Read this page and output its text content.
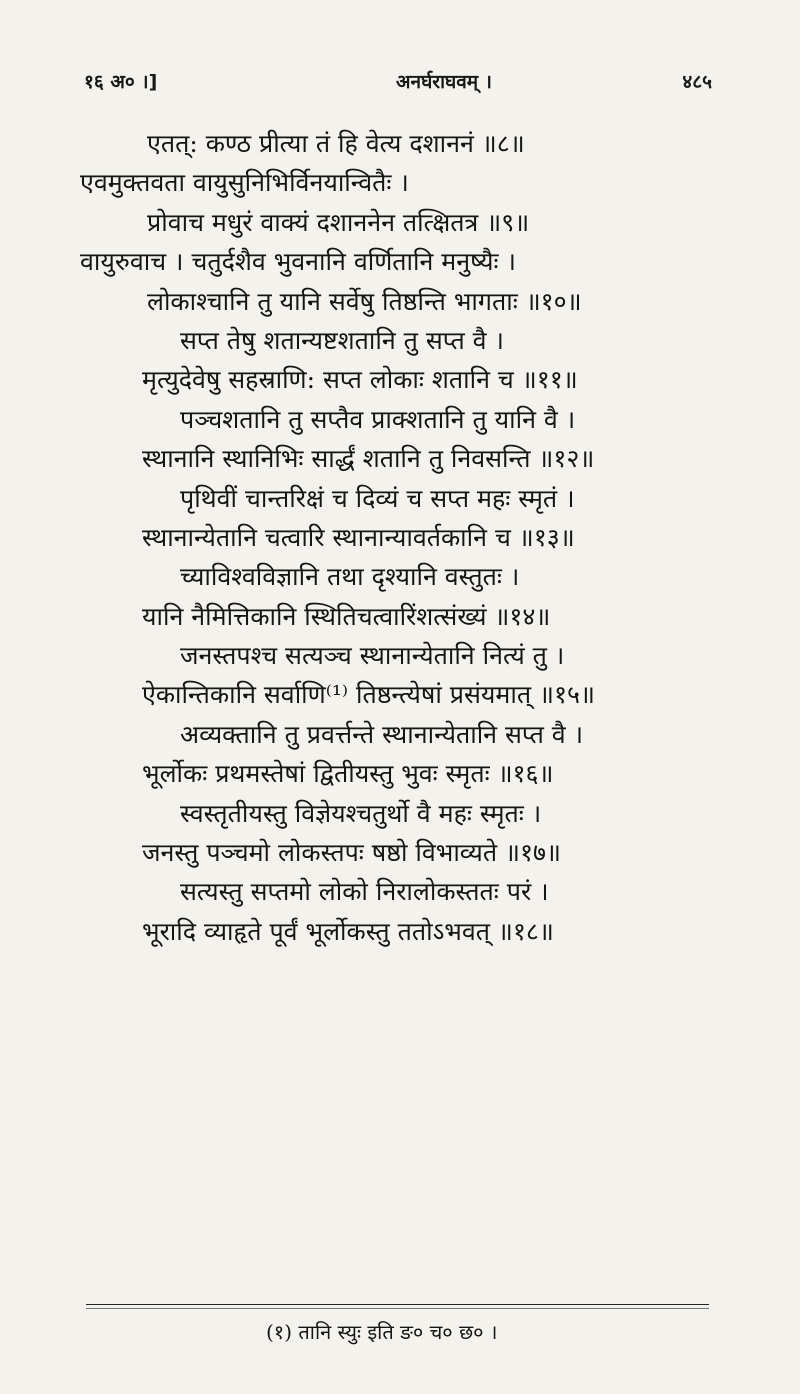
१६ अ० ।]	अनर्घराघवम् ।	४८५
एतत्: कण्ठ प्रीत्या तं हि वेत्य दशाननं ॥८॥
एवमुक्तवता वायुसुनिभिर्विनयान्वितैः ।
प्रोवाच मधुरं वाक्यं दशाननेन तत्क्षितत्र ॥९॥
वायुरुवाच । चतुर्दशैव भुवनानि वर्णितानि मनुष्यैः ।
लोकाश्चानि तु यानि सर्वेषु तिष्ठन्ति भागताः ॥१०॥
सप्त तेषु शतान्यष्टशतानि तु सप्त वै ।
मृत्युदेवेषु सहस्राणि: सप्त लोकाः शतानि च ॥११॥
पञ्चशतानि तु सप्तैव प्राक्शतानि तु यानि वै ।
स्थानानि स्थानिभिः सार्द्धं शतानि तु निवसन्ति ॥१२॥
पृथिवीं चान्तरिक्षं च दिव्यं च सप्त महः स्मृतं ।
स्थानान्येतानि चत्वारि स्थानान्यावर्तकानि च ॥१३॥
च्याविश्वविज्ञानि तथा दृश्यानि वस्तुतः ।
यानि नैमित्तिकानि स्थितिचत्वारिंशत्संख्यं ॥१४॥
जनस्तपश्च सत्यञ्च स्थानान्येतानि नित्यं तु ।
ऐकान्तिकानि सर्वाणि⁽¹⁾ तिष्ठन्त्येषां प्रसंयमात् ॥१५॥
अव्यक्तानि तु प्रवर्त्तन्ते स्थानान्येतानि सप्त वै ।
भूर्लोकः प्रथमस्तेषां द्वितीयस्तु भुवः स्मृतः ॥१६॥
स्वस्तृतीयस्तु विज्ञेयश्चतुर्थो वै महः स्मृतः ।
जनस्तु पञ्चमो लोकस्तपः षष्ठो विभाव्यते ॥१७॥
सत्यस्तु सप्तमो लोको निरालोकस्ततः परं ।
भूरादि व्याहृते पूर्वं भूर्लोकस्तु ततोऽभवत् ॥१८॥
(१) तानि स्युः इति ङ० च० छ० ।
